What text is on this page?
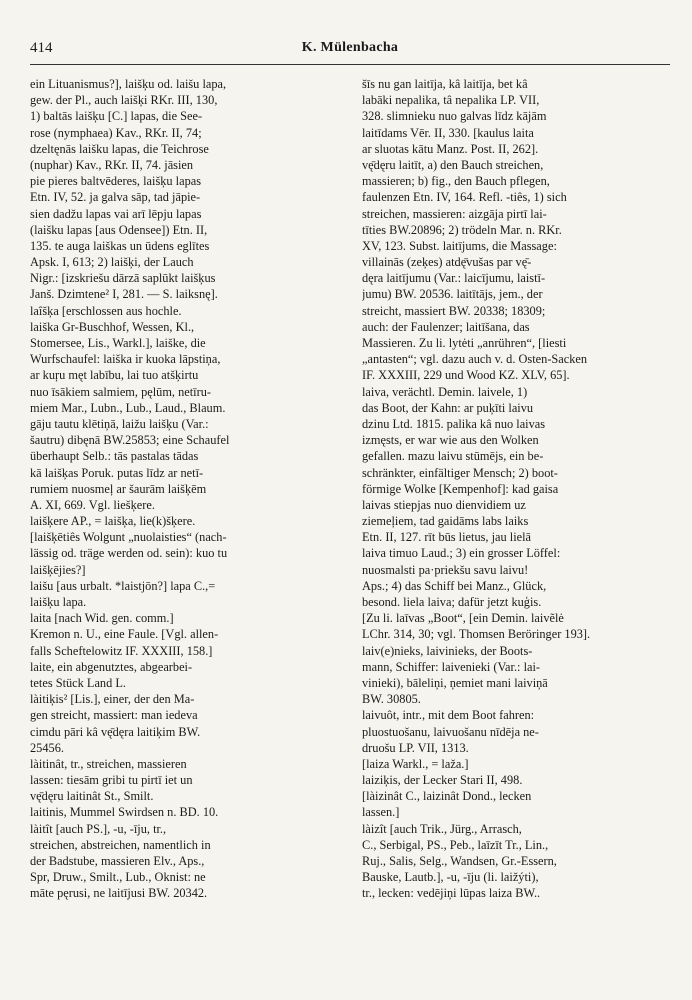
414	K. Mülenbacha
ein Lituanismus?], laišķu od. laišu lapa,
gew. der Pl., auch laišķi RKr. III, 130,
1) baltās laišķu [C.] lapas, die See-
rose (nymphaea) Kav., RKr. II, 74;
dzeltęnās laišku lapas, die Teichrose
(nuphar) Kav., RKr. II, 74. jāsien
pie pieres baltvēderes, laišķu lapas
Etn. IV, 52. ja galva sāp, tad jāpie-
sien dadžu lapas vai arī lēpju lapas
(laišku lapas [aus Odensee]) Etn. II,
135. te auga laiškas un ūdens eglītes
Apsk. I, 613; 2) laišķi, der Lauch
Nigr.: [izskriešu dārzā saplūkt laišķus
Janš. Dzimtene² I, 281. — S. laiksnę].
laîšķa [erschlossen aus hochle.
laiška Gr-Buschhof, Wessen, Kl.,
Stomersee, Lis., Warkl.], laiške, die
Wurfschaufel: laiška ir kuoka lāpstiņa,
ar kuŗu męt labību, lai tuo atšķirtu
nuo īsākiem salmiem, pęlūm, netīru-
miem Mar., Lubn., Lub., Laud., Blaum.
gāju tautu klētiņā, laižu laišķu (Var.:
šautru) dibęnā BW.25853; eine Schaufel
überhaupt Selb.: tās pastalas tādas
kā laišķas Poruk. putas līdz ar netī-
rumiem nuosmeļ ar šaurām laišķēm
A. XI, 669. Vgl. liešķere.
laišķere AP., = laišķa, lie(k)šķere.
[laišķētiês Wolgunt „nuolaisties“ (nach-
lässig od. träge werden od. sein): kuo tu
laišķējies?]
laišu [aus urbalt. *laistjōn?] lapa C.,=
laišķu lapa.
laita [nach Wid. gen. comm.]
Kremon n. U., eine Faule. [Vgl. allen-
falls Scheftelowitz IF. XXXIII, 158.]
laite, ein abgenutztes, abgearbei-
tetes Stück Land L.
làitiķis² [Lis.], einer, der den Ma-
gen streicht, massiert: man iedeva
cimdu pāri kâ vę̄dęra laitiķim BW.
25456.
làitinât, tr., streichen, massieren
lassen: tiesām gribi tu pirtī iet un
vę̄dęru laitinât St., Smilt.
laitinis, Mummel Swirdsen n. BD. 10.
làitît [auch PS.], -u, -īju, tr.,
streichen, abstreichen, namentlich in
der Badstube, massieren Elv., Aps.,
Spr, Druw., Smilt., Lub., Oknist: ne
māte pęrusi, ne laitījusi BW. 20342.
šīs nu gan laitīja, kâ laitīja, bet kâ
labāki nepalika, tâ nepalika LP. VII,
328. slimnieku nuo galvas līdz kājām
laitīdams Vēr. II, 330. [kaulus laita
ar sluotas kātu Manz. Post. II, 262].
vę̄dęru laitīt, a) den Bauch streichen,
massieren; b) fig., den Bauch pflegen,
faulenzen Etn. IV, 164. Refl. -tiês, 1) sich
streichen, massieren: aizgāja pirtī lai-
tīties BW.20896; 2) trödeln Mar. n. RKr.
XV, 123. Subst. laitījums, die Massage:
villainās (zeķes) atdę̄vušas par vę̄-
dęra laitījumu (Var.: laicījumu, laistī-
jumu) BW. 20536. laitītājs, jem., der
streicht, massiert BW. 20338; 18309;
auch: der Faulenzer; laitīšana, das
Massieren. Zu li. lytėti „anrühren“, [liesti
„antasten“; vgl. dazu auch v. d. Osten-Sacken
IF. XXXIII, 229 und Wood KZ. XLV, 65].
laiva, verächtl. Demin. laivele, 1)
das Boot, der Kahn: ar puķīti laivu
dzinu Ltd. 1815. palika kâ nuo laivas
izmęsts, er war wie aus den Wolken
gefallen. mazu laivu stūmējs, ein be-
schränkter, einfältiger Mensch; 2) boot-
förmige Wolke [Kempenhof]: kad gaisa
laivas stiepjas nuo dienvidiem uz
ziemeļiem, tad gaidāms labs laiks
Etn. II, 127. rīt būs lietus, jau lielā
laiva timuo Laud.; 3) ein grosser Löffel:
nuosmalsti pa·priekšu savu laivu!
Aps.; 4) das Schiff bei Manz., Glück,
besond. liela laiva; dafür jetzt kuģis.
[Zu li. laīvas „Boot“, [ein Demin. laivẽlė
LChr. 314, 30; vgl. Thomsen Beröringer 193].
laiv(e)nieks, laivinieks, der Boots-
mann, Schiffer: laivenieki (Var.: lai-
vinieki), bāleliņi, ņemiet mani laiviņā
BW. 30805.
laivuôt, intr., mit dem Boot fahren:
pluostuošanu, laivuošanu nīdēja ne-
druošu LP. VII, 1313.
[laiza Warkl., = laža.]
laiziķis, der Lecker Stari II, 498.
[làizinât C., laizinât Dond., lecken
lassen.]
làizît [auch Trik., Jürg., Arrasch,
C., Serbigal, PS., Peb., laīzīt Tr., Lin.,
Ruj., Salis, Selg., Wandsen, Gr.-Essern,
Bauske, Lautb.], -u, -īju (li. laižýti),
tr., lecken: vedējiņi lūpas laiza BW..
